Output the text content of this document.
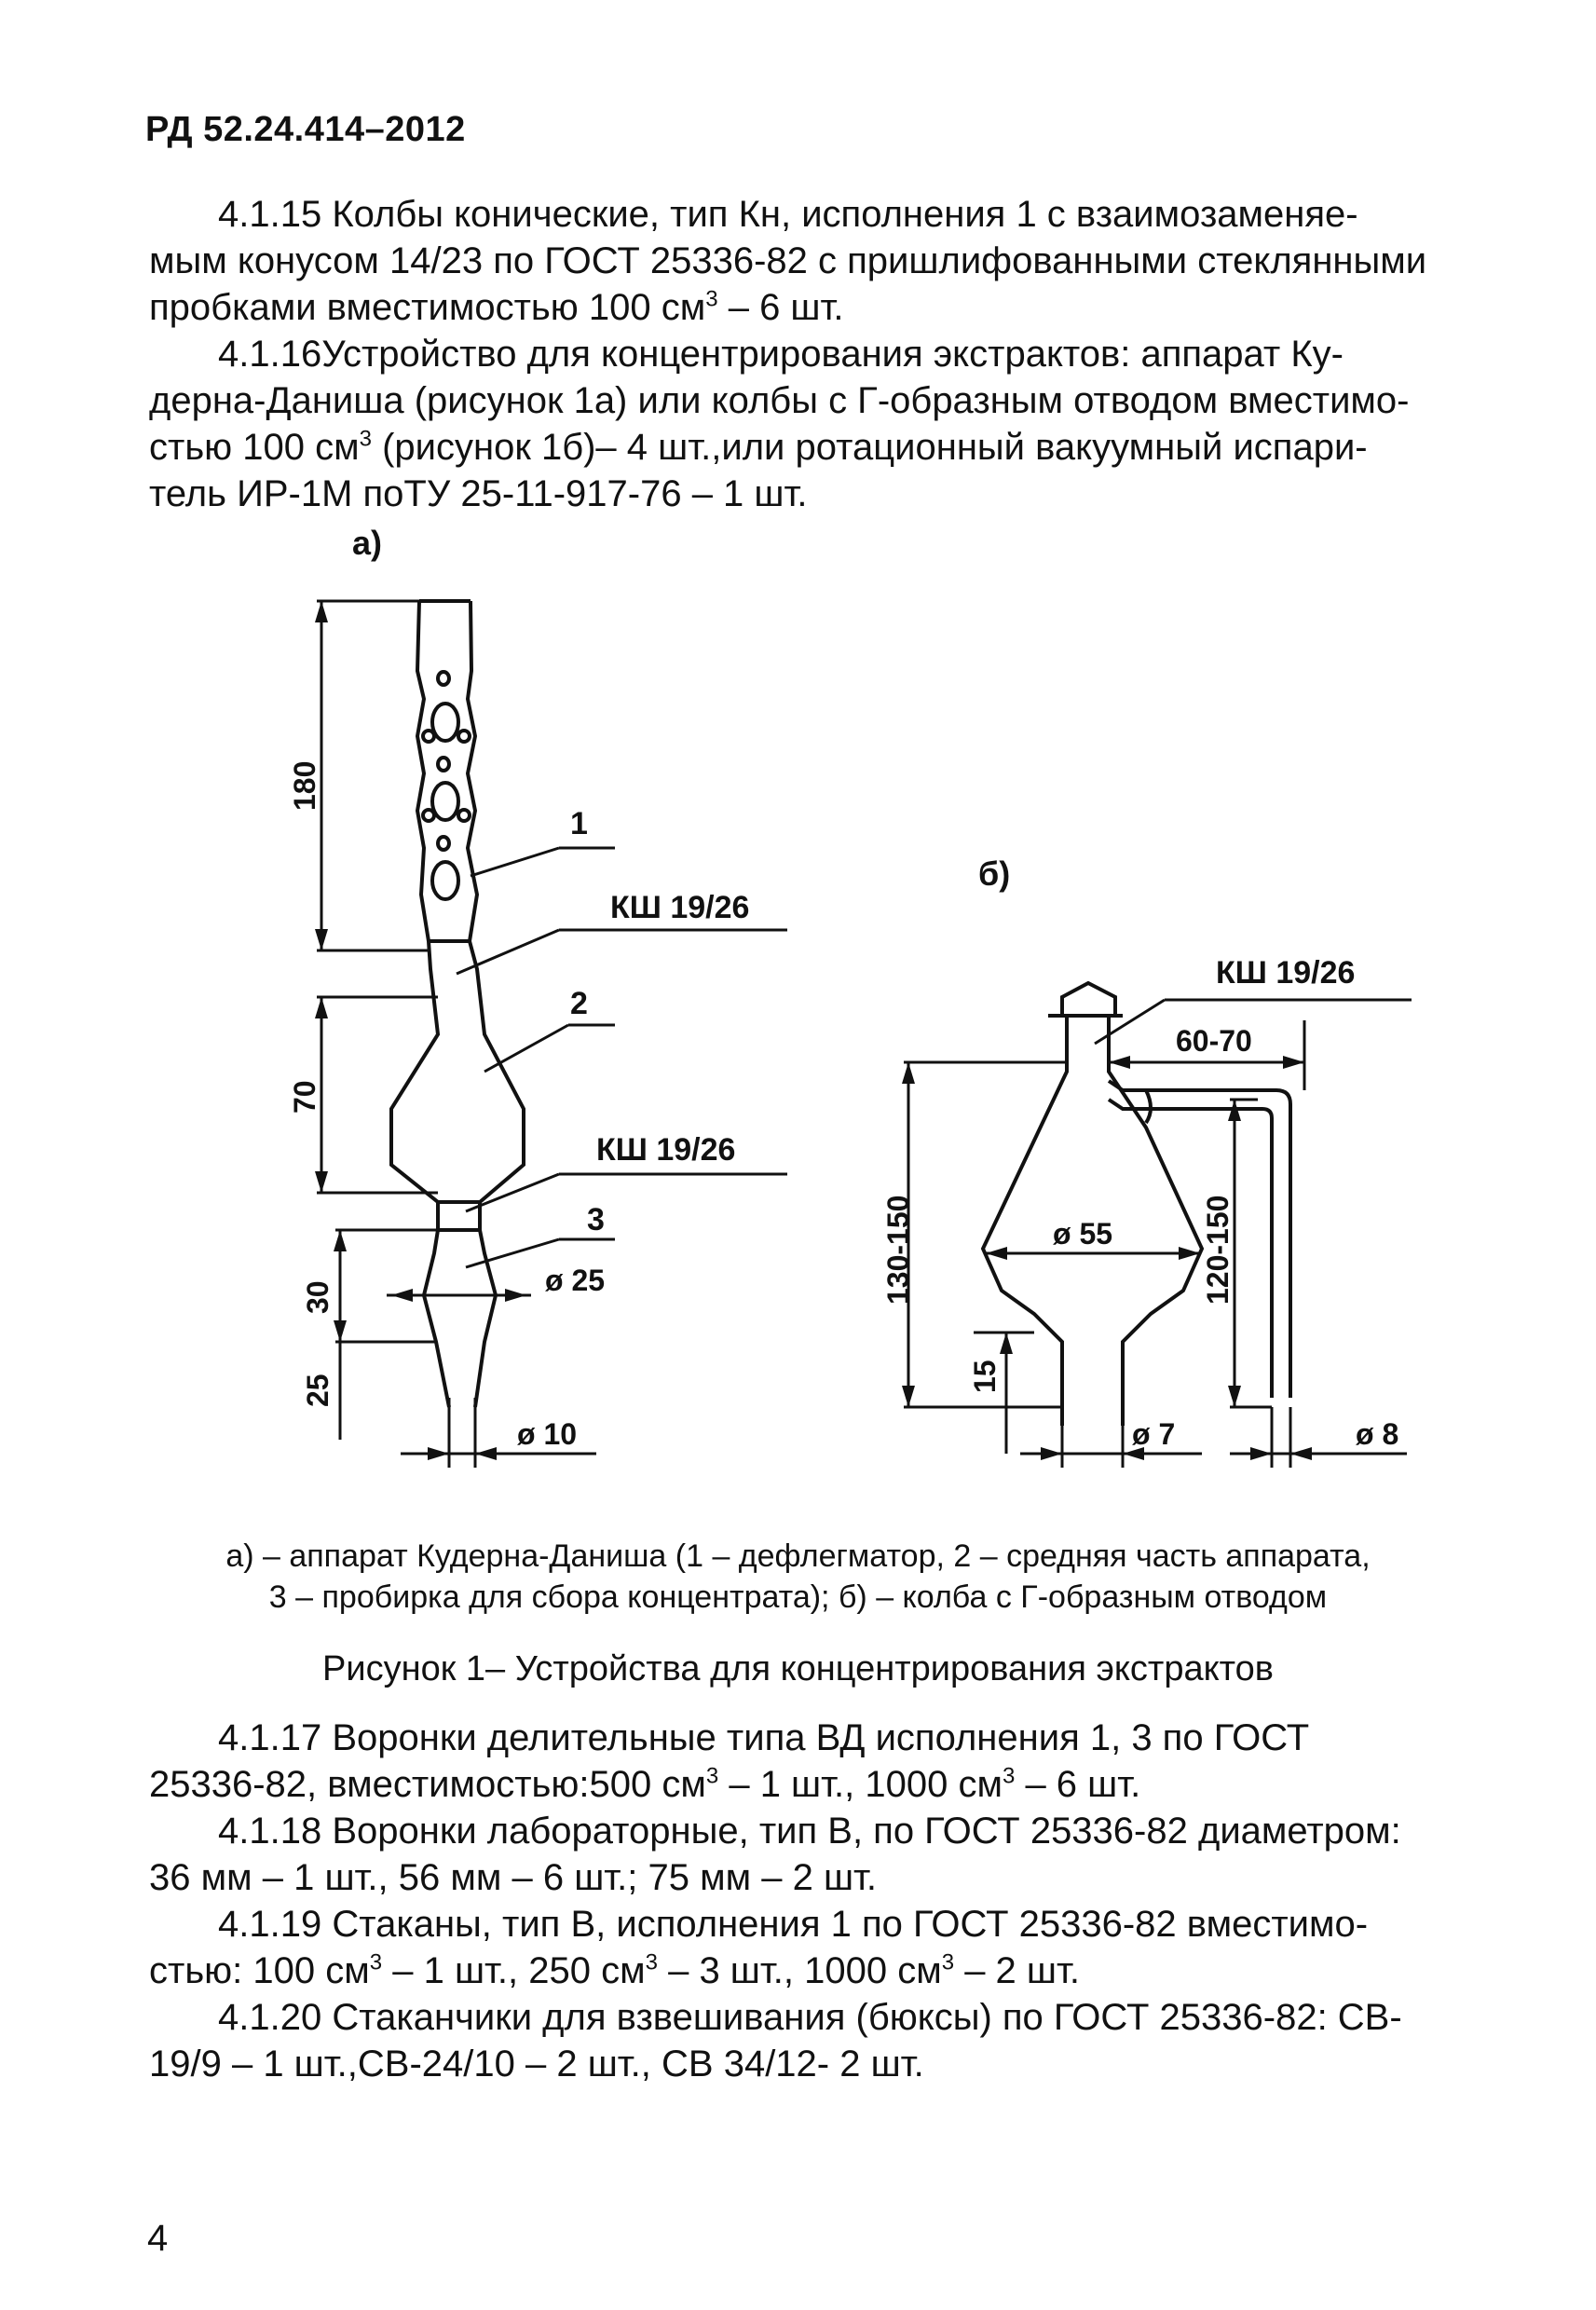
РД 52.24.414–2012
4.1.15 Колбы конические, тип Кн, исполнения 1 с взаимозаменяе-
мым конусом 14/23 по ГОСТ 25336-82 с пришлифованными стеклянными
пробками вместимостью 100 $см^3 - 6$ шт.
4.1.16Устройство для концентрирования экстрактов: аппарат Ку-
дерна-Даниша (рисунок 1а) или колбы с Г-образным отводом вместимо-
стью 100 $см^3$ (рисунок 1б)– 4 шт.,или ротационный вакуумный испари-
тель ИР-1М поТУ 25-11-917-76 – 1 шт.
а)
б)
180
70
30
25
1
КШ 19/26
2
КШ 19/26
3
ø 25
ø 10
КШ 19/26
60-70
130-150	120-150
ø 55
15
ø 7	ø 8
а) – аппарат Кудерна-Даниша (1 – дефлегматор, 2 – средняя часть аппарата,
3 – пробирка для сбора концентрата); б) – колба с Г-образным отводом
Рисунок 1– Устройства для концентрирования экстрактов
4.1.17 Воронки делительные типа ВД исполнения 1, 3 по ГОСТ
25336-82, вместимостью:500 $см^3 - 1$ шт., 1000 $см^3 - 6$ шт.
4.1.18 Воронки лабораторные, тип В, по ГОСТ 25336-82 диаметром:
36 мм – 1 шт., 56 мм – 6 шт.; 75 мм – 2 шт.
4.1.19 Стаканы, тип В, исполнения 1 по ГОСТ 25336-82 вместимо-
стью: 100 $см^3 - 1$ шт., 250 $см^3 - 3$ шт., 1000 $см^3 - 2$ шт.
4.1.20 Стаканчики для взвешивания (бюксы) по ГОСТ 25336-82: СВ-
19/9 – 1 шт.,СВ-24/10 – 2 шт., СВ 34/12- 2 шт.
4
